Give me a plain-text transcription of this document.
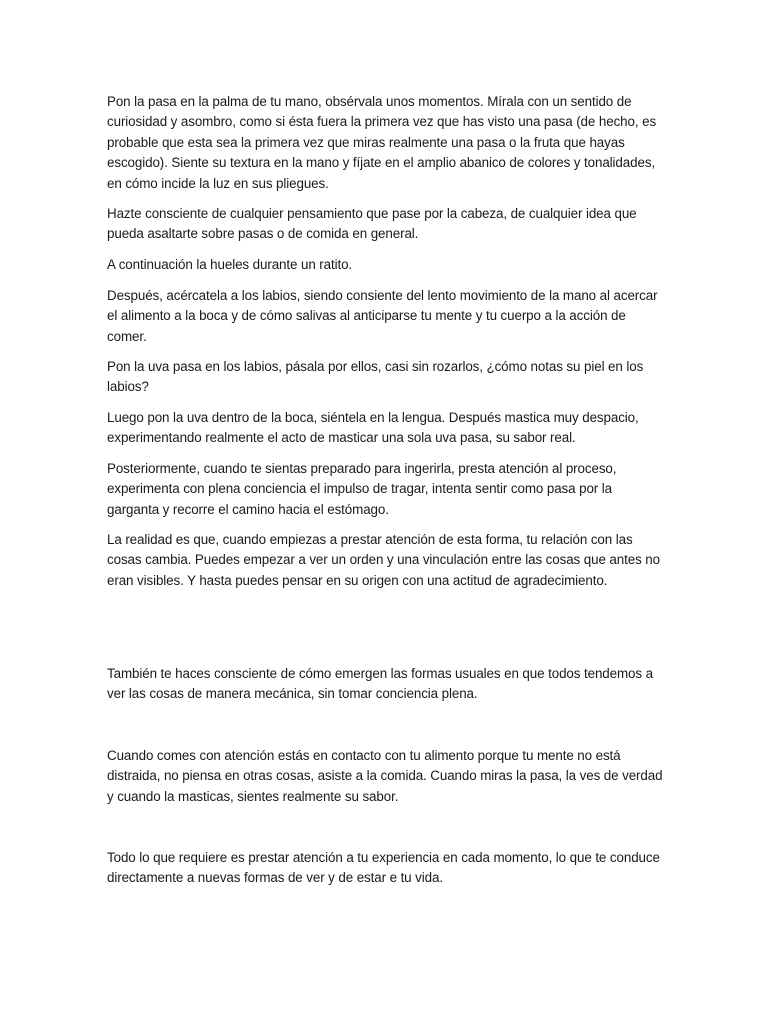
Pon la pasa en la palma de tu mano, obsérvala unos momentos. Mírala con un sentido de curiosidad y asombro, como si ésta fuera la primera vez que has visto una pasa (de hecho, es probable que esta sea la primera vez que miras realmente una pasa o la fruta que hayas escogido). Siente su textura en la mano y fíjate en el amplio abanico de colores y tonalidades, en cómo incide la luz en sus pliegues.

Hazte consciente de cualquier pensamiento que pase por la cabeza, de cualquier idea que pueda asaltarte sobre pasas o de comida en general.

A continuación la hueles durante un ratito.

Después, acércatela a los labios, siendo consiente del lento movimiento de la mano al acercar el alimento a la boca y de cómo salivas al anticiparse tu mente y tu cuerpo a la acción de comer.

Pon la uva pasa en los labios, pásala por ellos, casi sin rozarlos, ¿cómo notas su piel en los labios?

Luego pon la uva dentro de la boca, siéntela en la lengua. Después mastica muy despacio, experimentando realmente el acto de masticar una sola uva pasa, su sabor real.

Posteriormente, cuando te sientas preparado para ingerirla, presta atención al proceso, experimenta con plena conciencia el impulso de tragar, intenta sentir como pasa por la garganta y recorre el camino hacia el estómago.

La realidad es que, cuando empiezas a prestar atención de esta forma, tu relación con las cosas cambia. Puedes empezar a ver un orden y una vinculación entre las cosas que antes no eran visibles. Y hasta puedes pensar en su origen con una actitud de agradecimiento.

También te haces consciente de cómo emergen las formas usuales en que todos tendemos a ver las cosas de manera mecánica, sin tomar conciencia plena.

Cuando comes con atención estás en contacto con tu alimento porque tu mente no está distraida, no piensa en otras cosas, asiste a la comida. Cuando miras la pasa, la ves de verdad y cuando la masticas, sientes realmente su sabor.

Todo lo que requiere es prestar atención a tu experiencia en cada momento, lo que te conduce directamente a nuevas formas de ver y de estar e tu vida.
